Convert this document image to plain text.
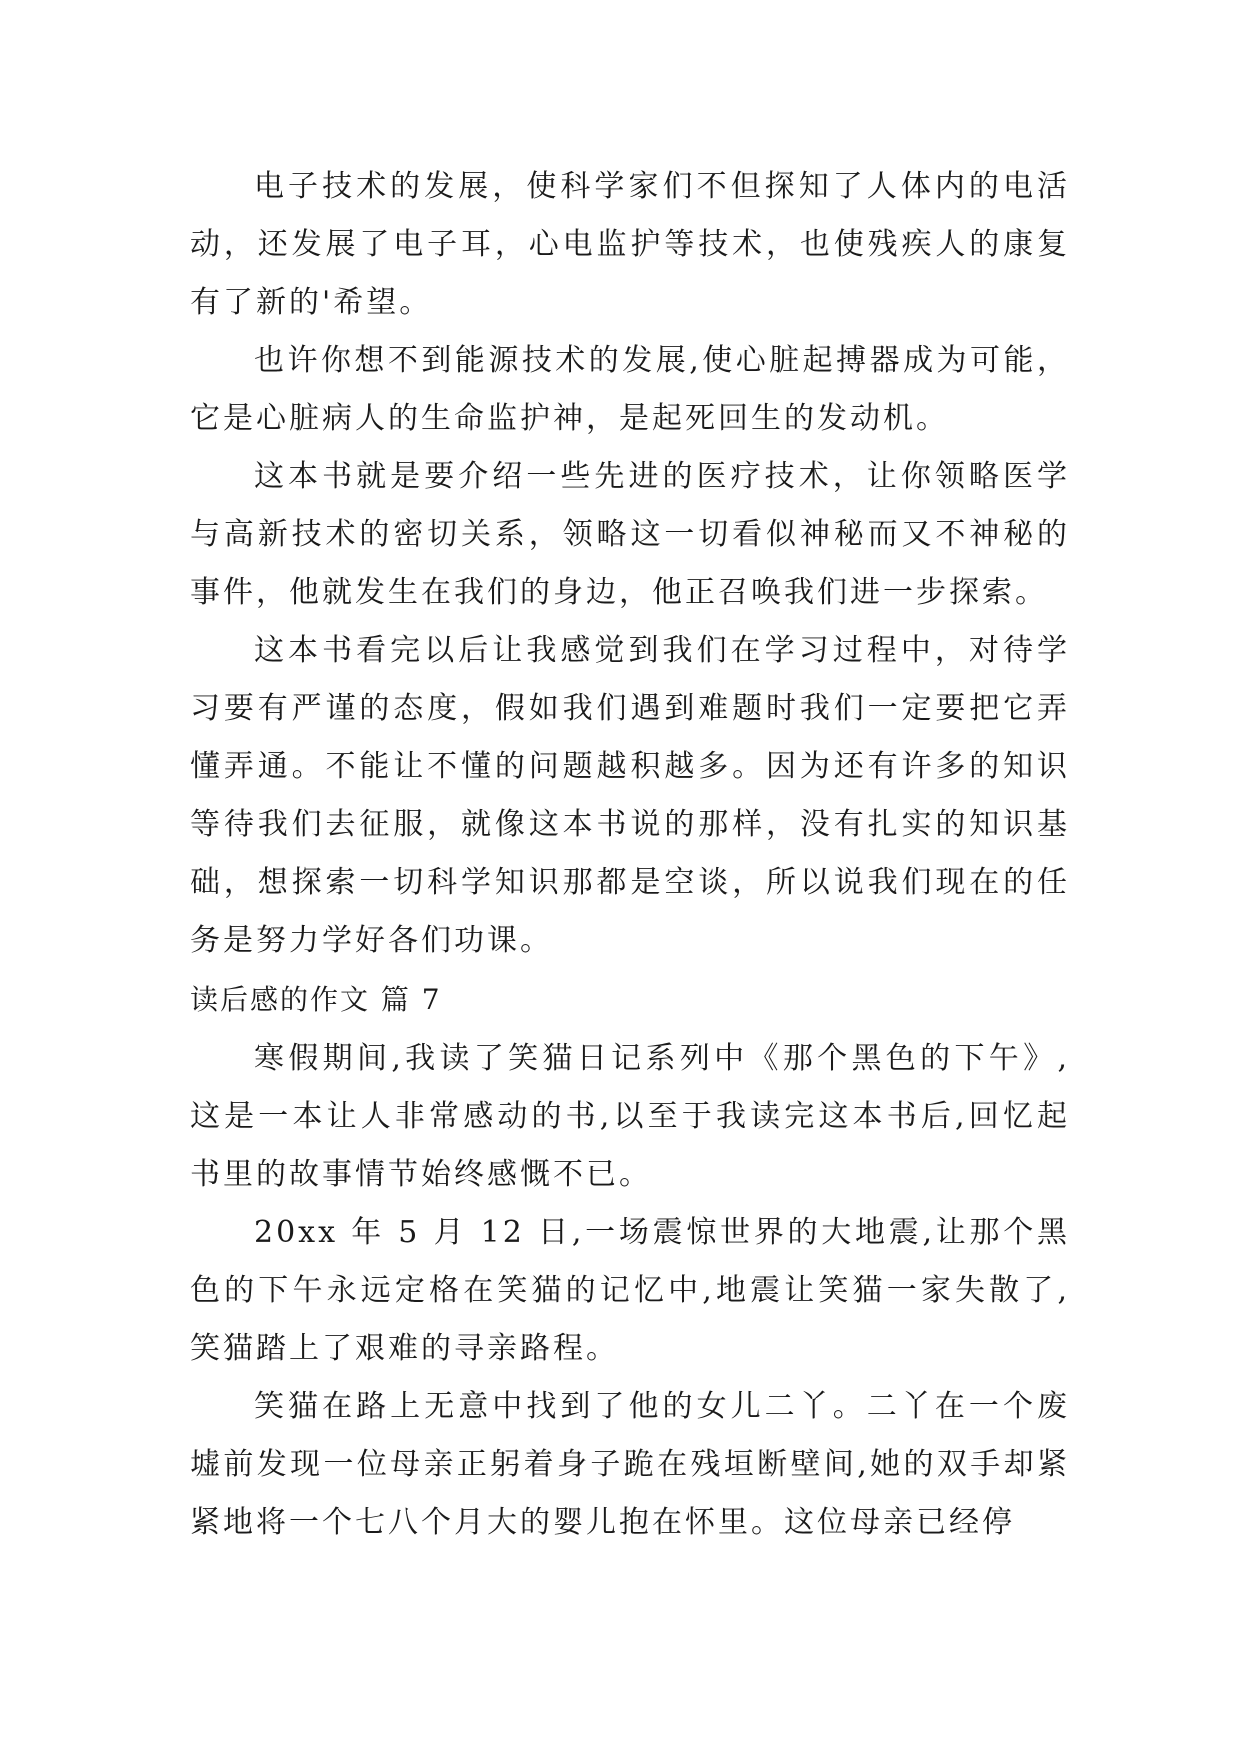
电子技术的发展，使科学家们不但探知了人体内的电活动，还发展了电子耳，心电监护等技术，也使残疾人的康复有了新的'希望。

也许你想不到能源技术的发展,使心脏起搏器成为可能，它是心脏病人的生命监护神，是起死回生的发动机。

这本书就是要介绍一些先进的医疗技术，让你领略医学与高新技术的密切关系，领略这一切看似神秘而又不神秘的事件，他就发生在我们的身边，他正召唤我们进一步探索。

这本书看完以后让我感觉到我们在学习过程中，对待学习要有严谨的态度，假如我们遇到难题时我们一定要把它弄懂弄通。不能让不懂的问题越积越多。因为还有许多的知识等待我们去征服，就像这本书说的那样，没有扎实的知识基础，想探索一切科学知识那都是空谈，所以说我们现在的任务是努力学好各们功课。

读后感的作文 篇 7

寒假期间,我读了笑猫日记系列中《那个黑色的下午》,这是一本让人非常感动的书,以至于我读完这本书后,回忆起书里的故事情节始终感慨不已。

20xx 年 5 月 12 日,一场震惊世界的大地震,让那个黑色的下午永远定格在笑猫的记忆中,地震让笑猫一家失散了,笑猫踏上了艰难的寻亲路程。

笑猫在路上无意中找到了他的女儿二丫。二丫在一个废墟前发现一位母亲正躬着身子跪在残垣断壁间,她的双手却紧紧地将一个七八个月大的婴儿抱在怀里。这位母亲已经停
